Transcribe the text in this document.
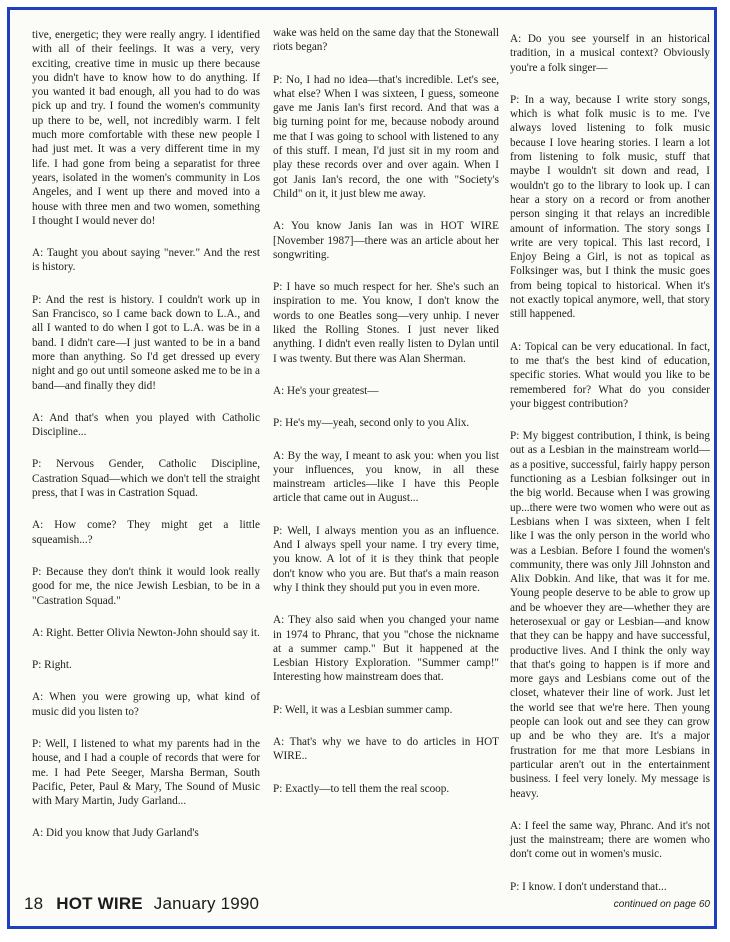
tive, energetic; they were really angry. I identified with all of their feelings. It was a very, very exciting, creative time in music up there because you didn't have to know how to do anything. If you wanted it bad enough, all you had to do was pick up and try. I found the women's community up there to be, well, not incredibly warm. I felt much more comfortable with these new people I had just met. It was a very different time in my life. I had gone from being a separatist for three years, isolated in the women's community in Los Angeles, and I went up there and moved into a house with three men and two women, something I thought I would never do!

A: Taught you about saying "never." And the rest is history.

P: And the rest is history. I couldn't work up in San Francisco, so I came back down to L.A., and all I wanted to do when I got to L.A. was be in a band. I didn't care—I just wanted to be in a band more than anything. So I'd get dressed up every night and go out until someone asked me to be in a band—and finally they did!

A: And that's when you played with Catholic Discipline...

P: Nervous Gender, Catholic Discipline, Castration Squad—which we don't tell the straight press, that I was in Castration Squad.

A: How come? They might get a little squeamish...?

P: Because they don't think it would look really good for me, the nice Jewish Lesbian, to be in a "Castration Squad."

A: Right. Better Olivia Newton-John should say it.

P: Right.

A: When you were growing up, what kind of music did you listen to?

P: Well, I listened to what my parents had in the house, and I had a couple of records that were for me. I had Pete Seeger, Marsha Berman, South Pacific, Peter, Paul & Mary, The Sound of Music with Mary Martin, Judy Garland...

A: Did you know that Judy Garland's

wake was held on the same day that the Stonewall riots began?

P: No, I had no idea—that's incredible. Let's see, what else? When I was sixteen, I guess, someone gave me Janis Ian's first record. And that was a big turning point for me, because nobody around me that I was going to school with listened to any of this stuff. I mean, I'd just sit in my room and play these records over and over again. When I got Janis Ian's record, the one with "Society's Child" on it, it just blew me away.

A: You know Janis Ian was in HOT WIRE [November 1987]—there was an article about her songwriting.

P: I have so much respect for her. She's such an inspiration to me. You know, I don't know the words to one Beatles song—very unhip. I never liked the Rolling Stones. I just never liked anything. I didn't even really listen to Dylan until I was twenty. But there was Alan Sherman.

A: He's your greatest—

P: He's my—yeah, second only to you Alix.

A: By the way, I meant to ask you: when you list your influences, you know, in all these mainstream articles—like I have this People article that came out in August...

P: Well, I always mention you as an influence. And I always spell your name. I try every time, you know. A lot of it is they think that people don't know who you are. But that's a main reason why I think they should put you in even more.

A: They also said when you changed your name in 1974 to Phranc, that you "chose the nickname at a summer camp." But it happened at the Lesbian History Exploration. "Summer camp!" Interesting how mainstream does that.

P: Well, it was a Lesbian summer camp.

A: That's why we have to do articles in HOT WIRE..

P: Exactly—to tell them the real scoop.

A: Do you see yourself in an historical tradition, in a musical context? Obviously you're a folk singer—

P: In a way, because I write story songs, which is what folk music is to me. I've always loved listening to folk music because I love hearing stories. I learn a lot from listening to folk music, stuff that maybe I wouldn't sit down and read, I wouldn't go to the library to look up. I can hear a story on a record or from another person singing it that relays an incredible amount of information. The story songs I write are very topical. This last record, I Enjoy Being a Girl, is not as topical as Folksinger was, but I think the music goes from being topical to historical. When it's not exactly topical anymore, well, that story still happened.

A: Topical can be very educational. In fact, to me that's the best kind of education, specific stories. What would you like to be remembered for? What do you consider your biggest contribution?

P: My biggest contribution, I think, is being out as a Lesbian in the mainstream world—as a positive, successful, fairly happy person functioning as a Lesbian folksinger out in the big world. Because when I was growing up...there were two women who were out as Lesbians when I was sixteen, when I felt like I was the only person in the world who was a Lesbian. Before I found the women's community, there was only Jill Johnston and Alix Dobkin. And like, that was it for me. Young people deserve to be able to grow up and be whoever they are—whether they are heterosexual or gay or Lesbian—and know that they can be happy and have successful, productive lives. And I think the only way that that's going to happen is if more and more gays and Lesbians come out of the closet, whatever their line of work. Just let the world see that we're here. Then young people can look out and see they can grow up and be who they are. It's a major frustration for me that more Lesbians in particular aren't out in the entertainment business. I feel very lonely. My message is heavy.

A: I feel the same way, Phranc. And it's not just the mainstream; there are women who don't come out in women's music.

P: I know. I don't understand that...

continued on page 60
18 HOT WIRE January 1990
